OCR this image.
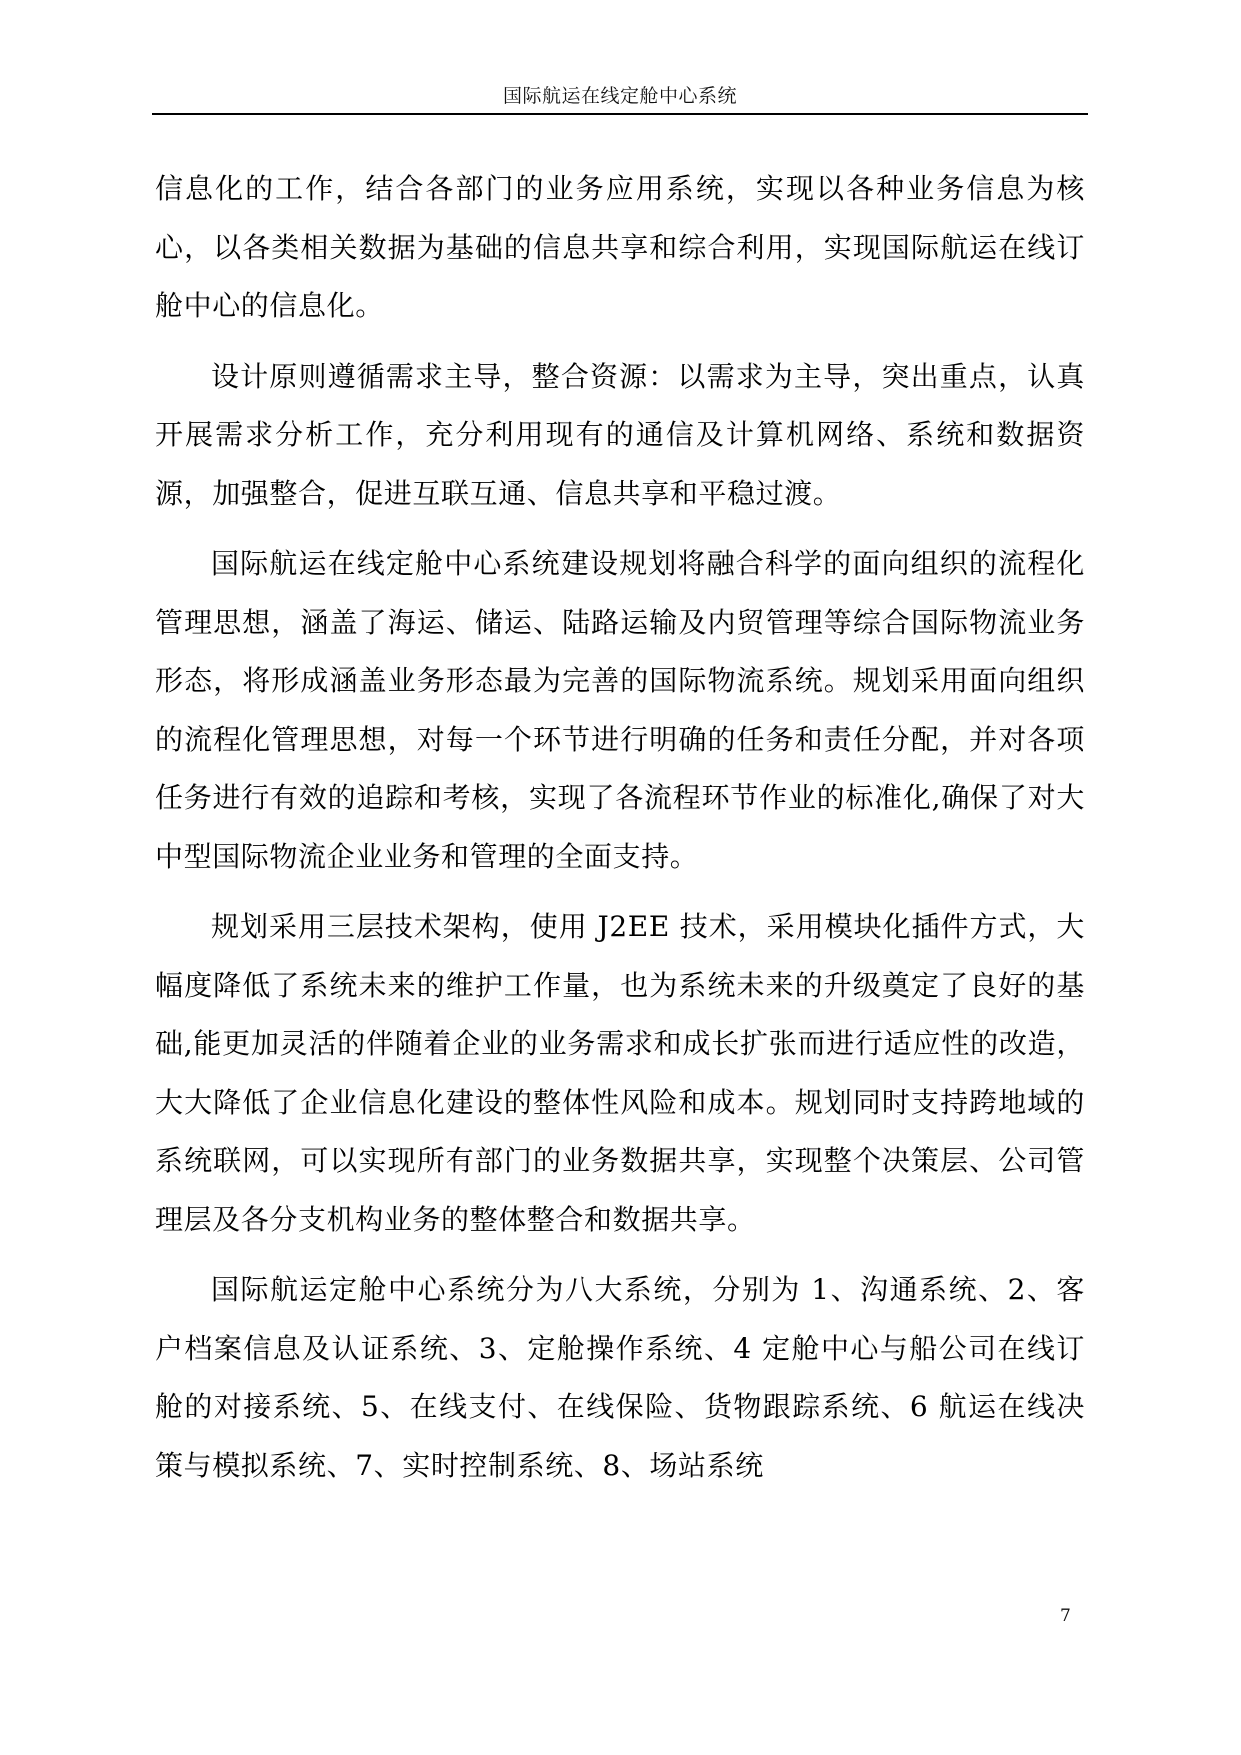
国际航运在线定舱中心系统

信息化的工作，结合各部门的业务应用系统，实现以各种业务信息为核心，以各类相关数据为基础的信息共享和综合利用，实现国际航运在线订舱中心的信息化。

设计原则遵循需求主导，整合资源：以需求为主导，突出重点，认真开展需求分析工作，充分利用现有的通信及计算机网络、系统和数据资源，加强整合，促进互联互通、信息共享和平稳过渡。

国际航运在线定舱中心系统建设规划将融合科学的面向组织的流程化管理思想，涵盖了海运、储运、陆路运输及内贸管理等综合国际物流业务形态，将形成涵盖业务形态最为完善的国际物流系统。规划采用面向组织的流程化管理思想，对每一个环节进行明确的任务和责任分配，并对各项任务进行有效的追踪和考核，实现了各流程环节作业的标准化,确保了对大中型国际物流企业业务和管理的全面支持。

规划采用三层技术架构，使用 J2EE 技术，采用模块化插件方式，大幅度降低了系统未来的维护工作量，也为系统未来的升级奠定了良好的基础,能更加灵活的伴随着企业的业务需求和成长扩张而进行适应性的改造，大大降低了企业信息化建设的整体性风险和成本。规划同时支持跨地域的系统联网，可以实现所有部门的业务数据共享，实现整个决策层、公司管理层及各分支机构业务的整体整合和数据共享。

国际航运定舱中心系统分为八大系统，分别为 1、沟通系统、2、客户档案信息及认证系统、3、定舱操作系统、4 定舱中心与船公司在线订舱的对接系统、5、在线支付、在线保险、货物跟踪系统、6 航运在线决策与模拟系统、7、实时控制系统、8、场站系统

7
